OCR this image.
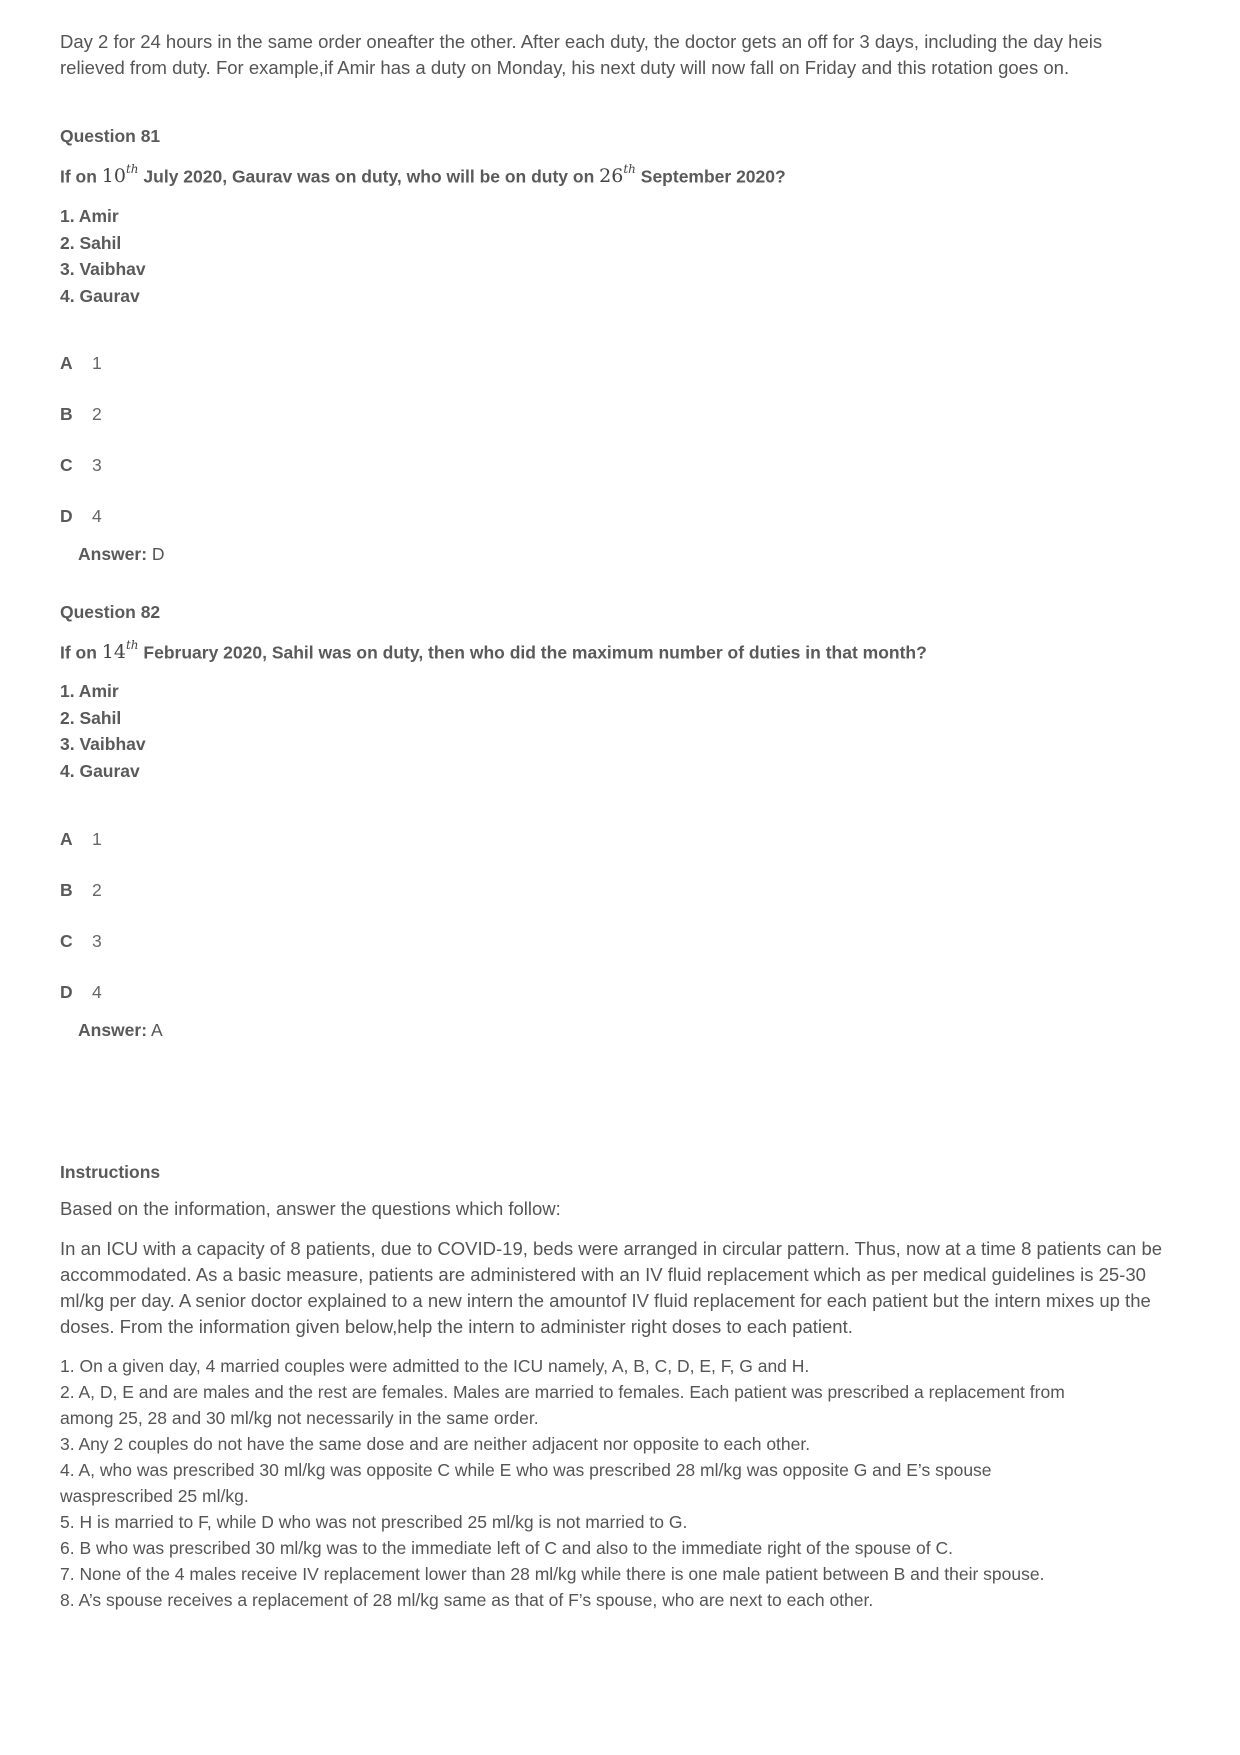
Day 2 for 24 hours in the same order oneafter the other. After each duty, the doctor gets an off for 3 days, including the day heis

relieved from duty. For example,if Amir has a duty on Monday, his next duty will now fall on Friday and this rotation goes on.

Question 81

If on 10th July 2020, Gaurav was on duty, who will be on duty on 26th September 2020?

1. Amir
2. Sahil
3. Vaibhav
4. Gaurav
A 1
B 2
C 3
D 4
Answer: D

Question 82

If on 14th February 2020, Sahil was on duty, then who did the maximum number of duties in that month?

1. Amir
2. Sahil
3. Vaibhav
4. Gaurav
A 1
B 2
C 3
D 4
Answer: A

Instructions

Based on the information, answer the questions which follow:

In an ICU with a capacity of 8 patients, due to COVID-19, beds were arranged in circular pattern. Thus, now at a time 8 patients can be

accommodated. As a basic measure, patients are administered with an IV fluid replacement which as per medical guidelines is 25-30

ml/kg per day. A senior doctor explained to a new intern the amountof IV fluid replacement for each patient but the intern mixes up the

doses. From the information given below,help the intern to administer right doses to each patient.

1. On a given day, 4 married couples were admitted to the ICU namely, A, B, C, D, E, F, G and H.

2. A, D, E and are males and the rest are females. Males are married to females. Each patient was prescribed a replacement from

among 25, 28 and 30 ml/kg not necessarily in the same order.

3. Any 2 couples do not have the same dose and are neither adjacent nor opposite to each other.

4. A, who was prescribed 30 ml/kg was opposite C while E who was prescribed 28 ml/kg was opposite G and E’s spouse

wasprescribed 25 ml/kg.

5. H is married to F, while D who was not prescribed 25 ml/kg is not married to G.

6. B who was prescribed 30 ml/kg was to the immediate left of C and also to the immediate right of the spouse of C.

7. None of the 4 males receive IV replacement lower than 28 ml/kg while there is one male patient between B and their spouse.

8. A’s spouse receives a replacement of 28 ml/kg same as that of F’s spouse, who are next to each other.
